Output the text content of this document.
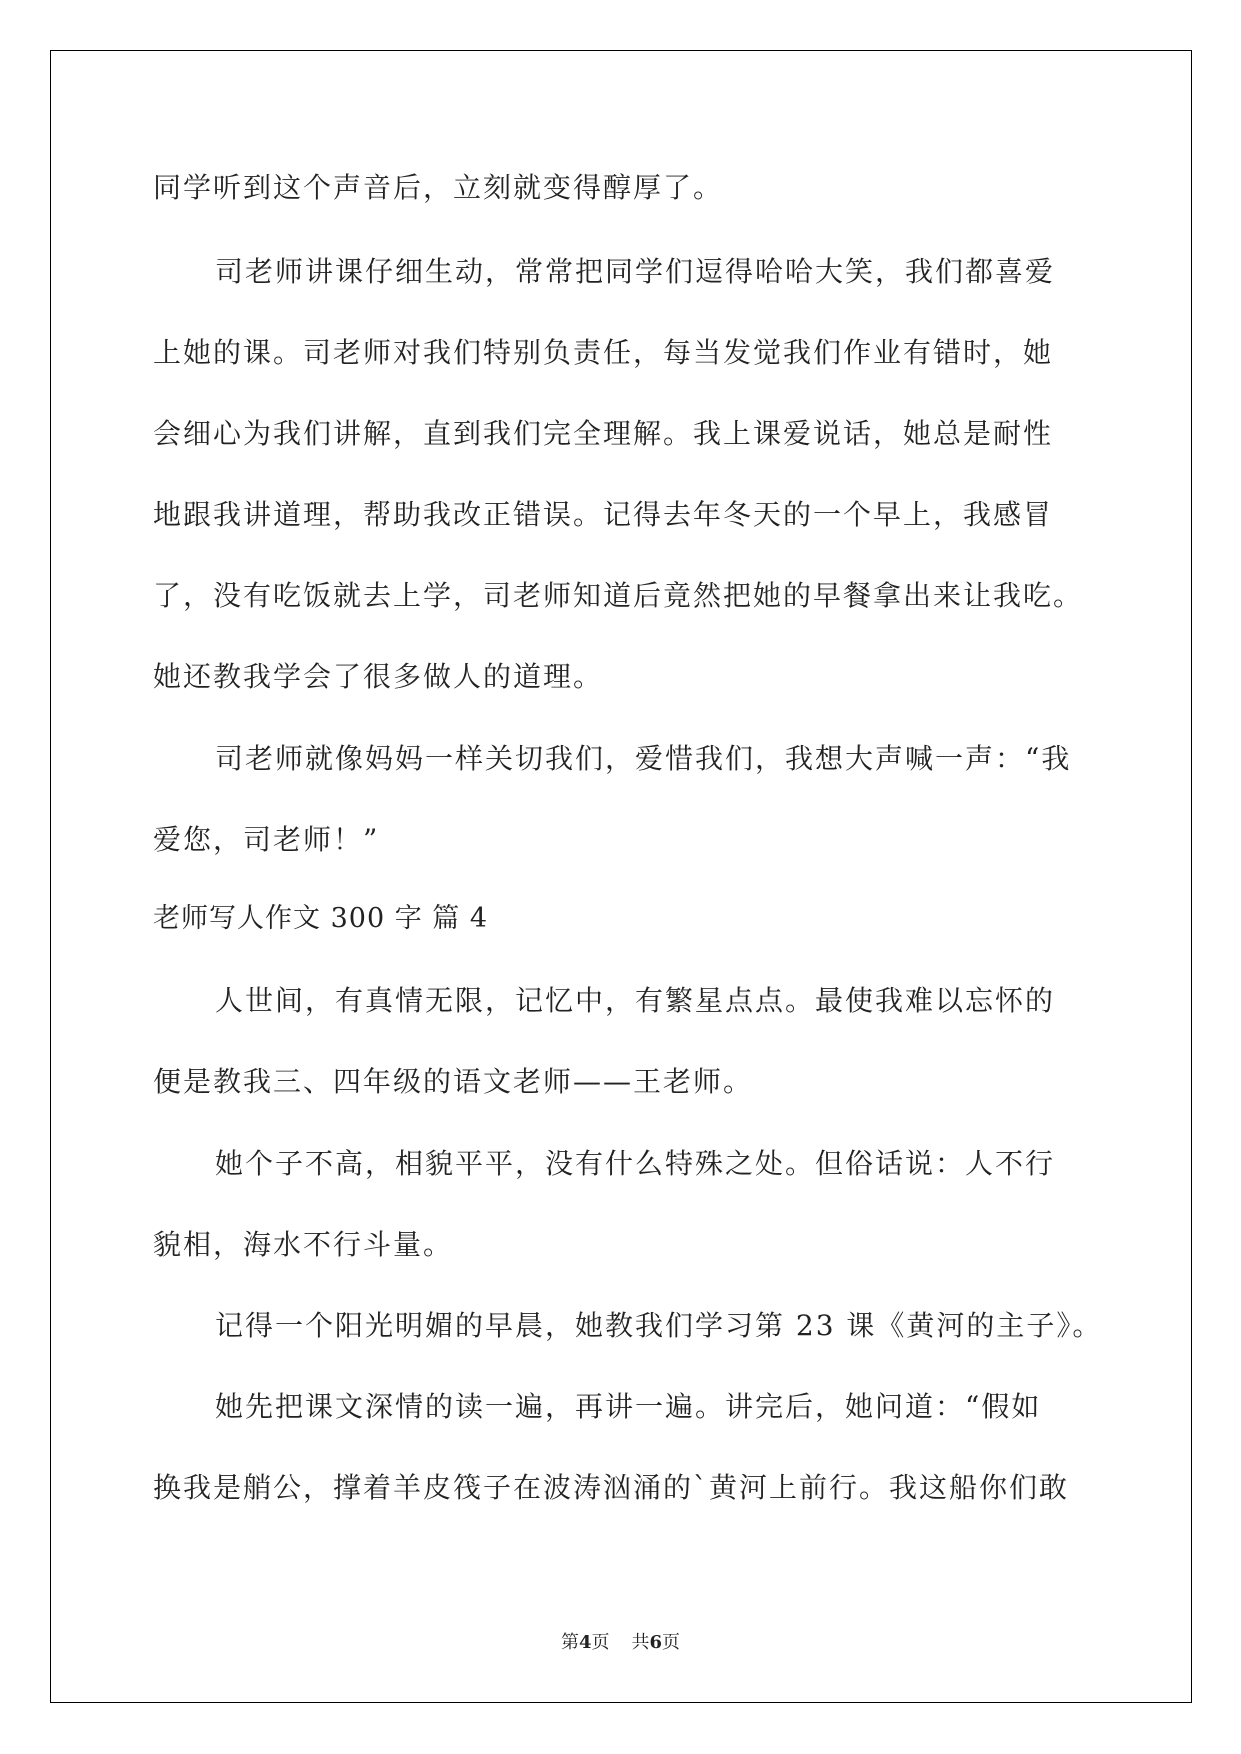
同学听到这个声音后，立刻就变得醇厚了。

司老师讲课仔细生动，常常把同学们逗得哈哈大笑，我们都喜爱

上她的课。司老师对我们特别负责任，每当发觉我们作业有错时，她

会细心为我们讲解，直到我们完全理解。我上课爱说话，她总是耐性

地跟我讲道理，帮助我改正错误。记得去年冬天的一个早上，我感冒

了，没有吃饭就去上学，司老师知道后竟然把她的早餐拿出来让我吃。

她还教我学会了很多做人的道理。

司老师就像妈妈一样关切我们，爱惜我们，我想大声喊一声：“我

爱您，司老师！”

老师写人作文 300 字 篇 4

人世间，有真情无限，记忆中，有繁星点点。最使我难以忘怀的

便是教我三、四年级的语文老师——王老师。

她个子不高，相貌平平，没有什么特殊之处。但俗话说：人不行

貌相，海水不行斗量。

记得一个阳光明媚的早晨，她教我们学习第 23 课《黄河的主子》。

她先把课文深情的读一遍，再讲一遍。讲完后，她问道：“假如

换我是艄公，撑着羊皮筏子在波涛汹涌的`黄河上前行。我这船你们敢

第4页 共6页
